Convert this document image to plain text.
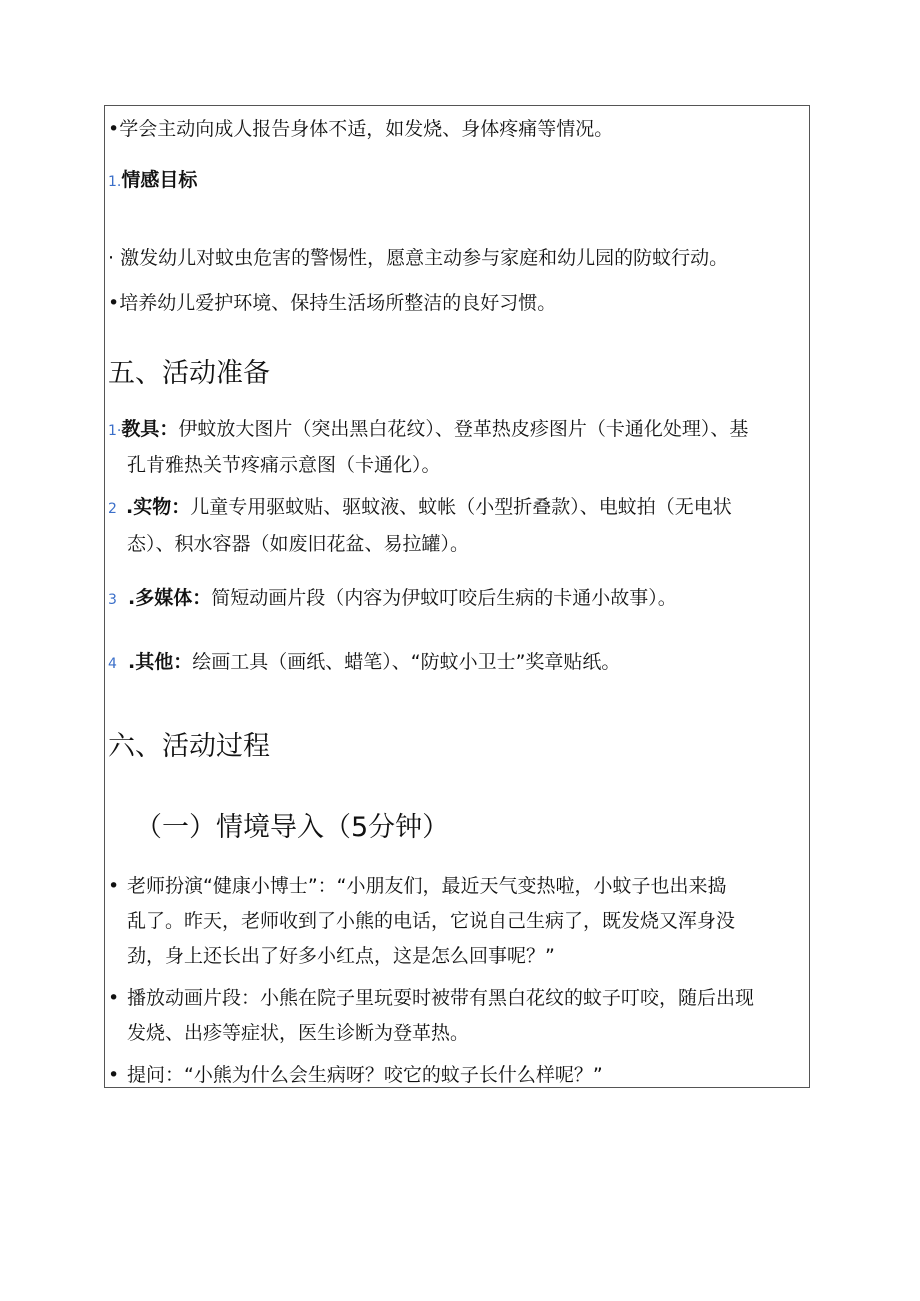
•学会主动向成人报告身体不适，如发烧、身体疼痛等情况。
1.情感目标
· 激发幼儿对蚊虫危害的警惕性，愿意主动参与家庭和幼儿园的防蚊行动。
•培养幼儿爱护环境、保持生活场所整洁的良好习惯。
五、活动准备
1·教具：伊蚊放大图片（突出黑白花纹）、登革热皮疹图片（卡通化处理）、基
孔肯雅热关节疼痛示意图（卡通化）。
2 .实物：儿童专用驱蚊贴、驱蚊液、蚊帐（小型折叠款）、电蚊拍（无电状
态）、积水容器（如废旧花盆、易拉罐）。
3 .多媒体：简短动画片段（内容为伊蚊叮咬后生病的卡通小故事）。
4 .其他：绘画工具（画纸、蜡笔）、“防蚊小卫士”奖章贴纸。
六、活动过程
（一）情境导入（5分钟）
• 老师扮演“健康小博士”：“小朋友们，最近天气变热啦，小蚊子也出来捣
乱了。昨天，老师收到了小熊的电话，它说自己生病了，既发烧又浑身没
劲，身上还长出了好多小红点，这是怎么回事呢？”
• 播放动画片段：小熊在院子里玩耍时被带有黑白花纹的蚊子叮咬，随后出现
发烧、出疹等症状，医生诊断为登革热。
• 提问：“小熊为什么会生病呀？咬它的蚊子长什么样呢？”
